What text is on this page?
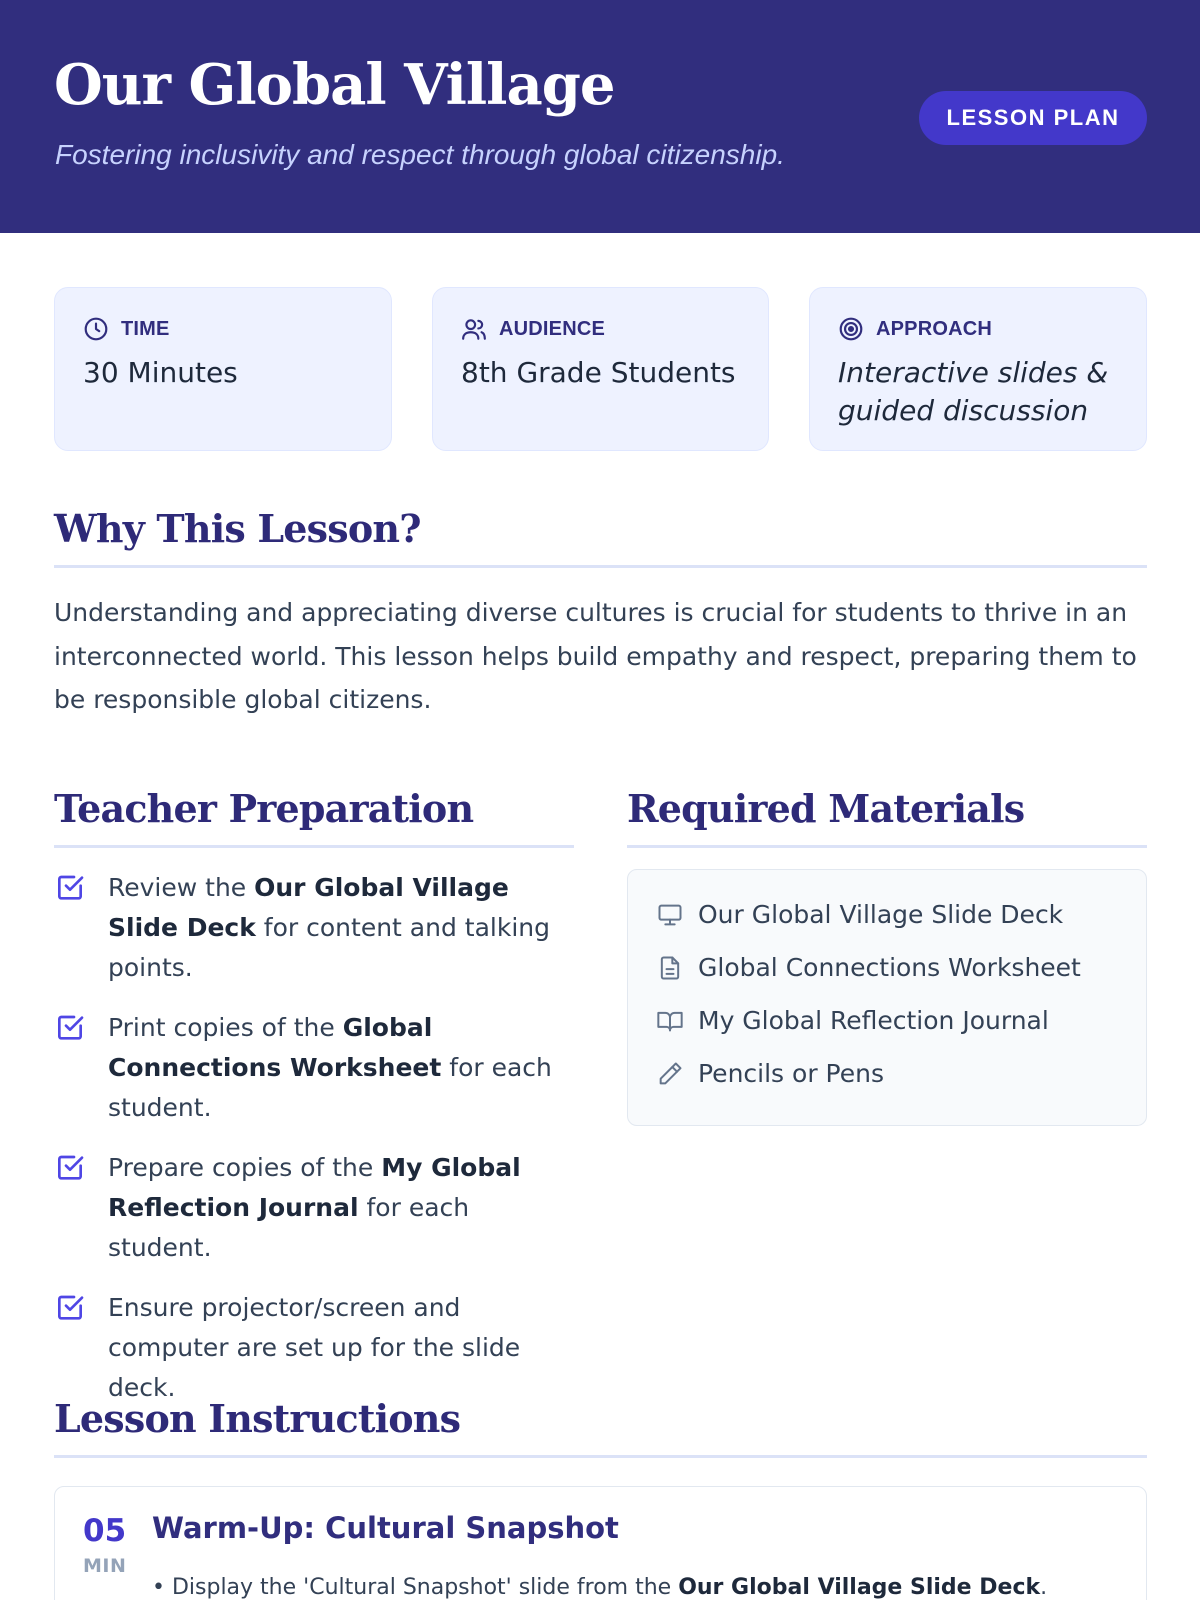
Our Global Village
Fostering inclusivity and respect through global citizenship.
LESSON PLAN
TIME
30 Minutes
AUDIENCE
8th Grade Students
APPROACH
Interactive slides & guided discussion
Why This Lesson?
Understanding and appreciating diverse cultures is crucial for students to thrive in an interconnected world. This lesson helps build empathy and respect, preparing them to be responsible global citizens.
Teacher Preparation
Review the Our Global Village Slide Deck for content and talking points.
Print copies of the Global Connections Worksheet for each student.
Prepare copies of the My Global Reflection Journal for each student.
Ensure projector/screen and computer are set up for the slide deck.
Required Materials
Our Global Village Slide Deck
Global Connections Worksheet
My Global Reflection Journal
Pencils or Pens
Lesson Instructions
05
MIN
Warm-Up: Cultural Snapshot
• Display the 'Cultural Snapshot' slide from the Our Global Village Slide Deck.
